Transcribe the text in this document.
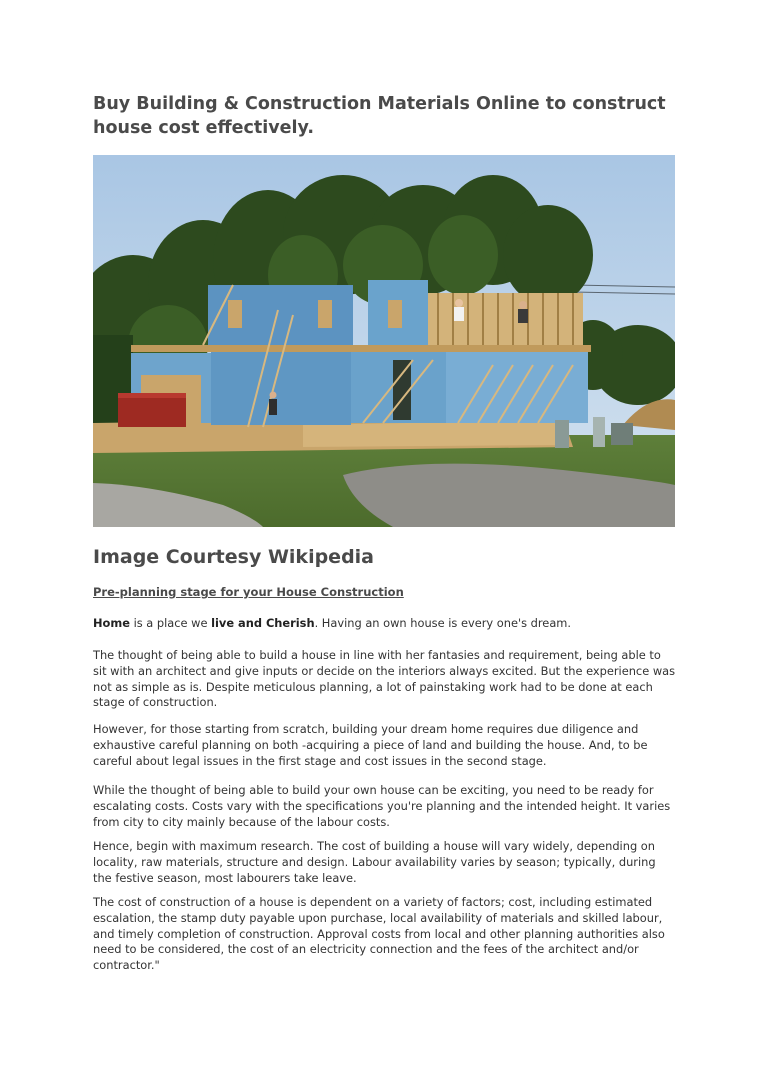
Buy Building & Construction Materials Online to construct house cost effectively.
Image Courtesy Wikipedia

Pre-planning stage for your House Construction

Home is a place we live and Cherish. Having an own house is every one's dream.

The thought of being able to build a house in line with her fantasies and requirement, being able to sit with an architect and give inputs or decide on the interiors always excited. But the experience was not as simple as is. Despite meticulous planning, a lot of painstaking work had to be done at each stage of construction.

However, for those starting from scratch, building your dream home requires due diligence and exhaustive careful planning on both -acquiring a piece of land and building the house. And, to be careful about legal issues in the first stage and cost issues in the second stage.

While the thought of being able to build your own house can be exciting, you need to be ready for escalating costs. Costs vary with the specifications you're planning and the intended height. It varies from city to city mainly because of the labour costs.

Hence, begin with maximum research. The cost of building a house will vary widely, depending on locality, raw materials, structure and design. Labour availability varies by season; typically, during the festive season, most labourers take leave.

The cost of construction of a house is dependent on a variety of factors; cost, including estimated escalation, the stamp duty payable upon purchase, local availability of materials and skilled labour, and timely completion of construction. Approval costs from local and other planning authorities also need to be considered, the cost of an electricity connection and the fees of the architect and/or contractor."
